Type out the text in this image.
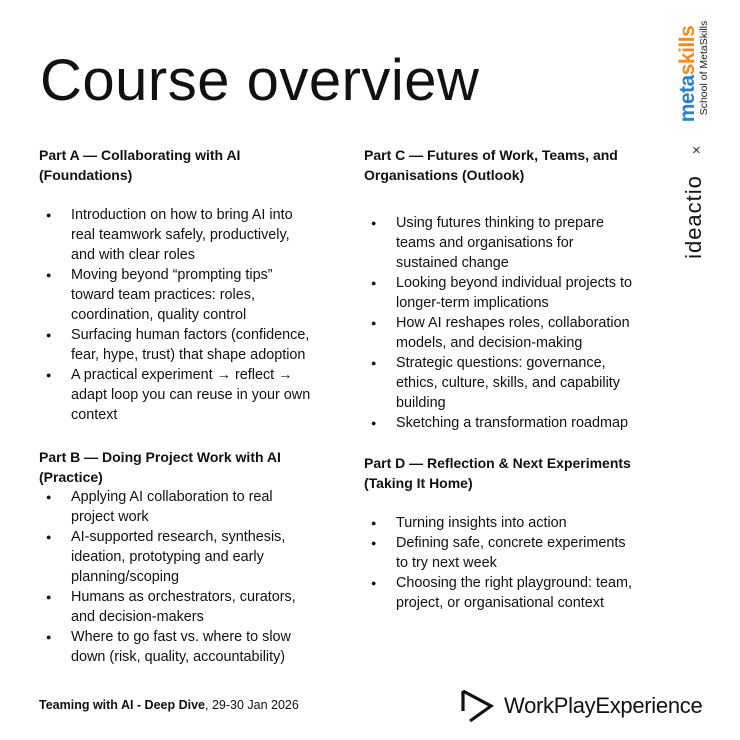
Course overview	metaskills School of MetaSkills
×
ideactio

Part A — Collaborating with AI
(Foundations)

● Introduction on how to bring AI into
real teamwork safely, productively,
and with clear roles
● Moving beyond “prompting tips”
toward team practices: roles,
coordination, quality control
● Surfacing human factors (confidence,
fear, hype, trust) that shape adoption
● A practical experiment → reflect →
adapt loop you can reuse in your own
context

Part B — Doing Project Work with AI
(Practice)

● Applying AI collaboration to real
project work
● AI-supported research, synthesis,
ideation, prototyping and early
planning/scoping
● Humans as orchestrators, curators,
and decision-makers
● Where to go fast vs. where to slow
down (risk, quality, accountability)

Part C — Futures of Work, Teams, and
Organisations (Outlook)

● Using futures thinking to prepare
teams and organisations for
sustained change
● Looking beyond individual projects to
longer-term implications
● How AI reshapes roles, collaboration
models, and decision-making
● Strategic questions: governance,
ethics, culture, skills, and capability
building
● Sketching a transformation roadmap

Part D — Reflection & Next Experiments
(Taking It Home)

● Turning insights into action
● Defining safe, concrete experiments
to try next week
● Choosing the right playground: team,
project, or organisational context
Teaming with AI - Deep Dive, 29-30 Jan 2026	WorkPlayExperience
